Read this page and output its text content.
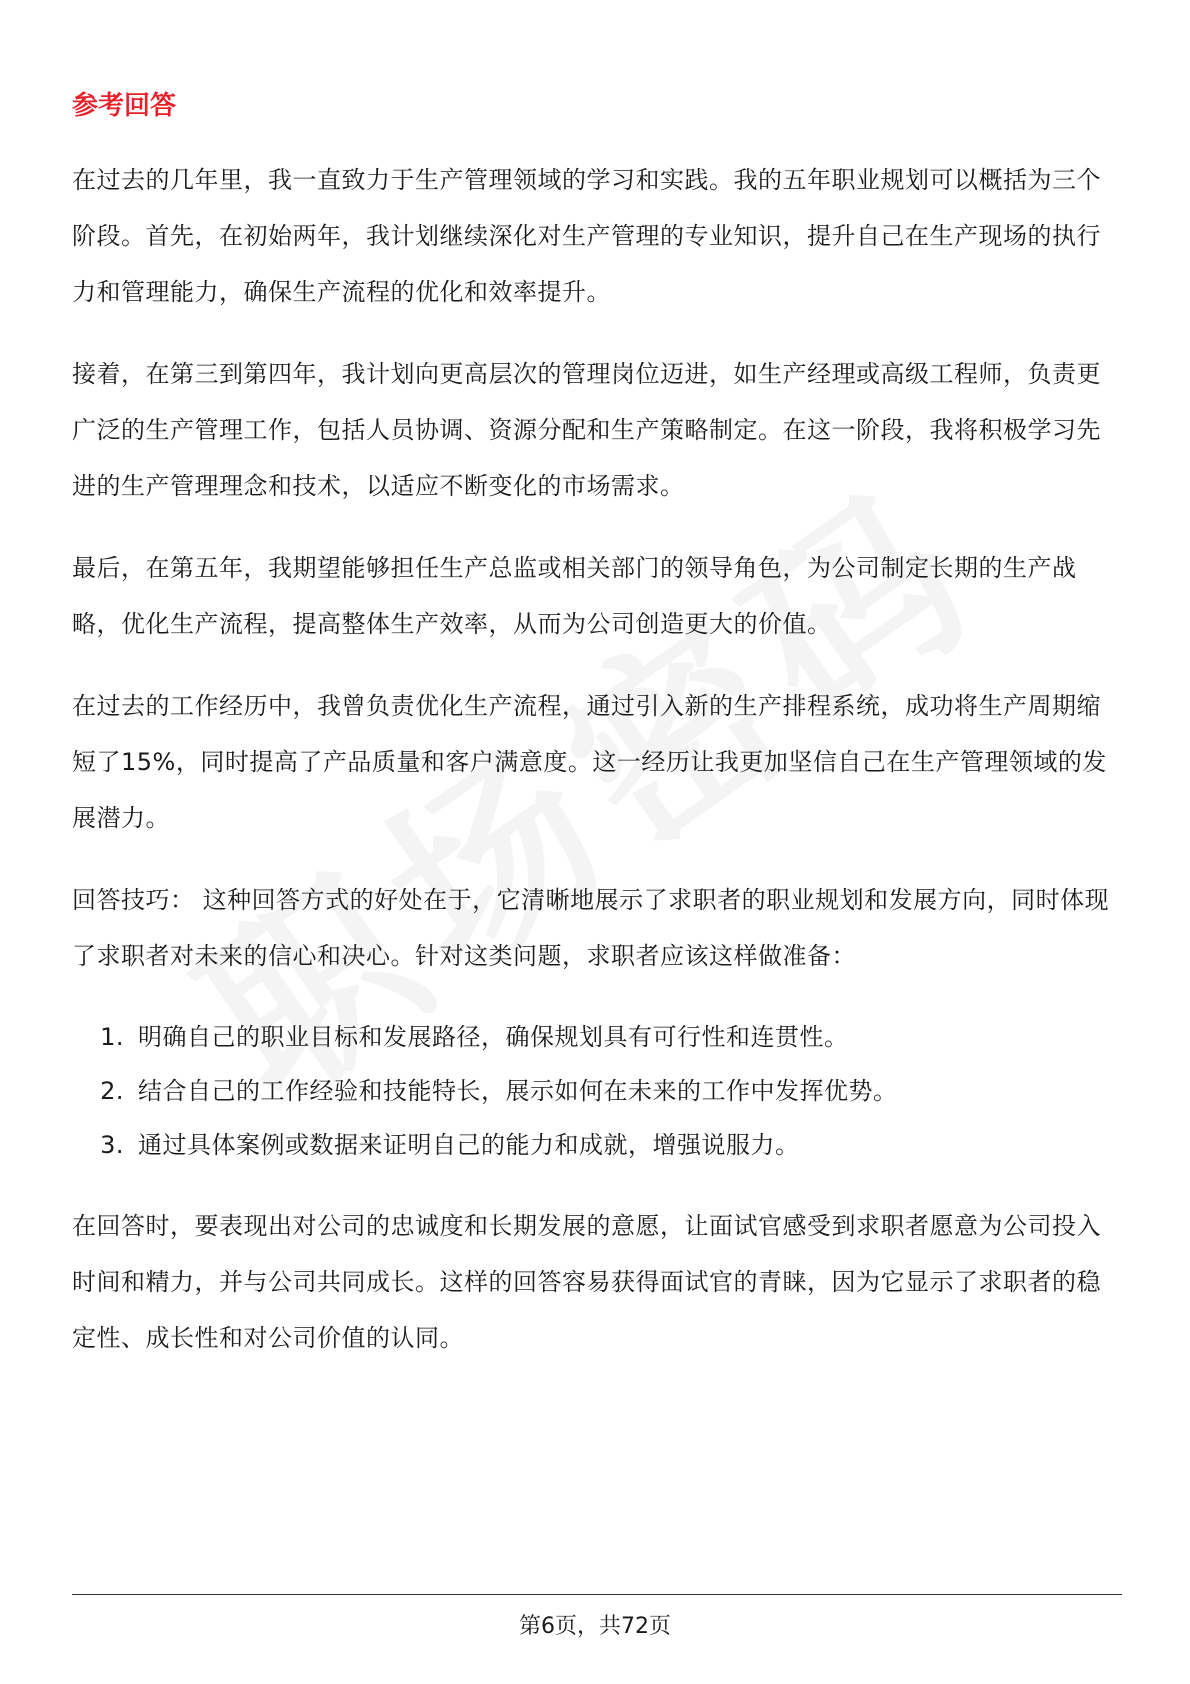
参考回答

在过去的几年里，我一直致力于生产管理领域的学习和实践。我的五年职业规划可以概括为三个阶段。首先，在初始两年，我计划继续深化对生产管理的专业知识，提升自己在生产现场的执行力和管理能力，确保生产流程的优化和效率提升。

接着，在第三到第四年，我计划向更高层次的管理岗位迈进，如生产经理或高级工程师，负责更广泛的生产管理工作，包括人员协调、资源分配和生产策略制定。在这一阶段，我将积极学习先进的生产管理理念和技术，以适应不断变化的市场需求。

最后，在第五年，我期望能够担任生产总监或相关部门的领导角色，为公司制定长期的生产战略，优化生产流程，提高整体生产效率，从而为公司创造更大的价值。

在过去的工作经历中，我曾负责优化生产流程，通过引入新的生产排程系统，成功将生产周期缩短了15%，同时提高了产品质量和客户满意度。这一经历让我更加坚信自己在生产管理领域的发展潜力。

回答技巧： 这种回答方式的好处在于，它清晰地展示了求职者的职业规划和发展方向，同时体现了求职者对未来的信心和决心。针对这类问题，求职者应该这样做准备：

1. 明确自己的职业目标和发展路径，确保规划具有可行性和连贯性。
2. 结合自己的工作经验和技能特长，展示如何在未来的工作中发挥优势。
3. 通过具体案例或数据来证明自己的能力和成就，增强说服力。

在回答时，要表现出对公司的忠诚度和长期发展的意愿，让面试官感受到求职者愿意为公司投入时间和精力，并与公司共同成长。这样的回答容易获得面试官的青睐，因为它显示了求职者的稳定性、成长性和对公司价值的认同。

第6页，共72页
